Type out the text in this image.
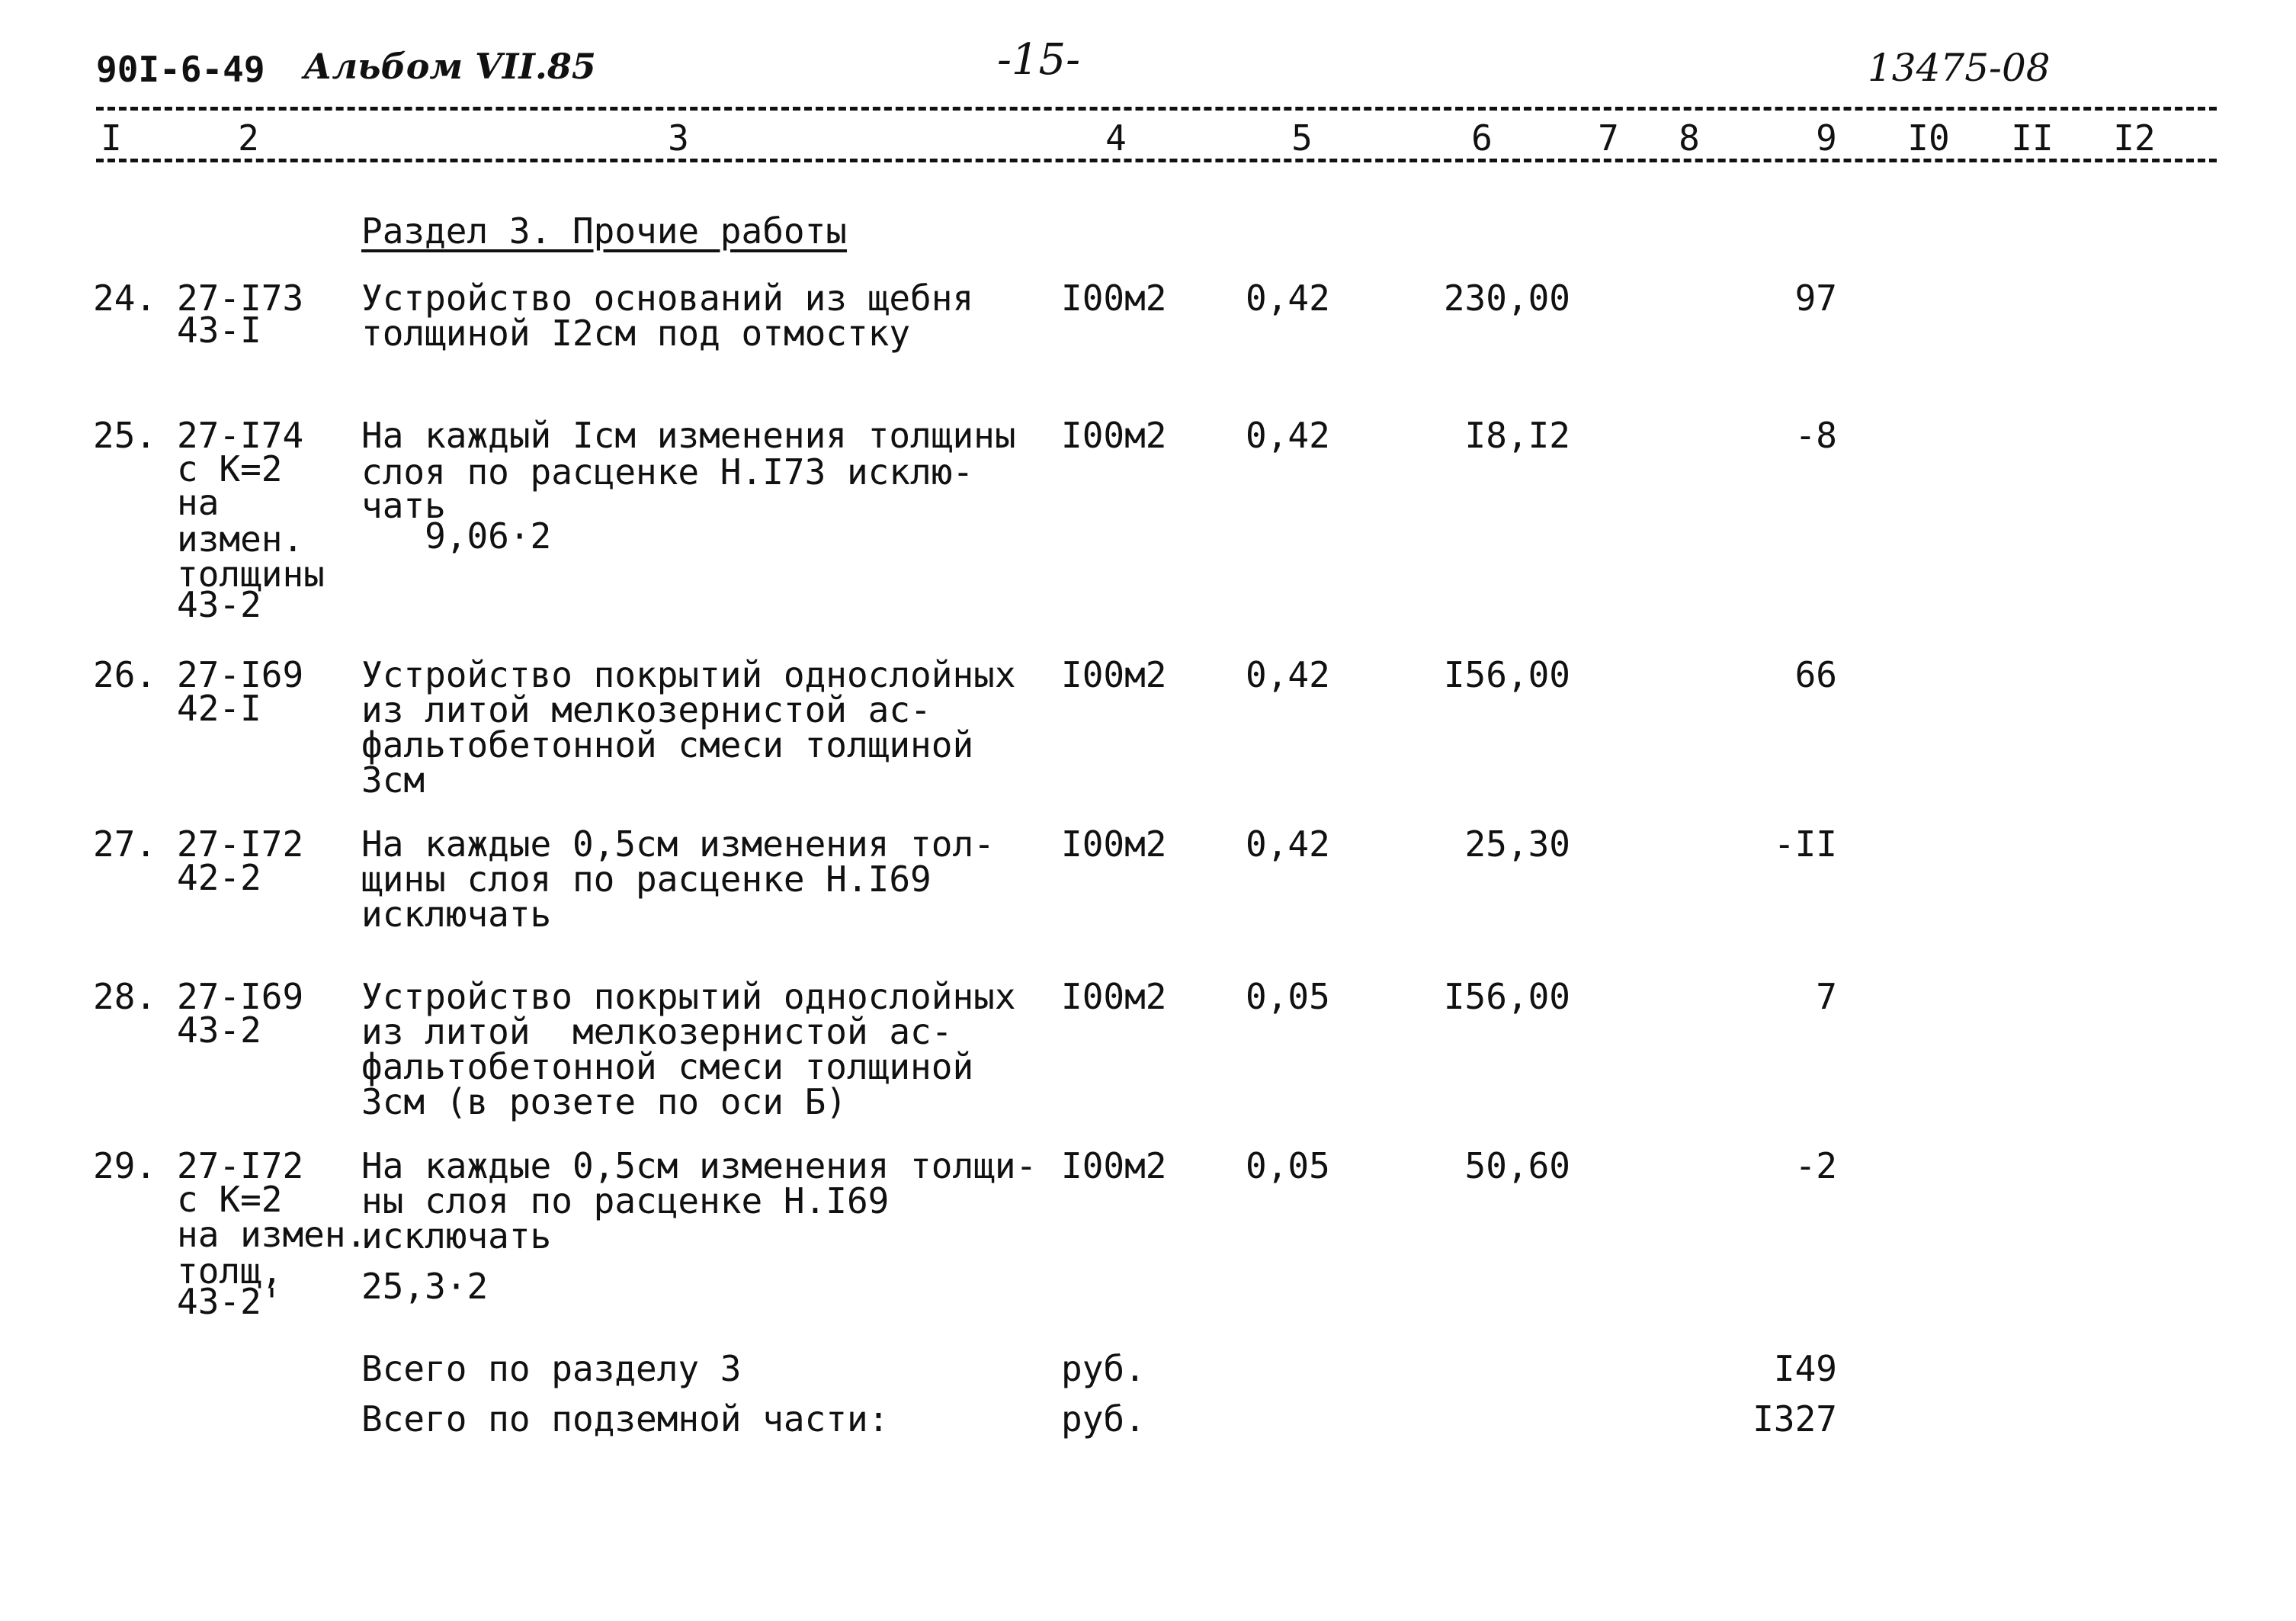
90I-6-49 Альбом VII.85	-15-	13475-08
I	2	3	4	5	6	7	8	9	I0 II I2
Раздел 3. Прочие работы
24. 27-I73
43-I
Устройство оснований из щебня
толщиной I2см под отмостку
I00м2 0,42	230,00	97
25. 27-I74
с К=2
на
измен.
толщины
43-2
На каждый Iсм изменения толщины
слоя по расценке Н.I73 исклю-
чать
9,06·2
I00м2 0,42	I8,I2	-8
26. 27-I69
42-I
Устройство покрытий однослойных
из литой мелкозернистой ас-
фальтобетонной смеси толщиной
3см
I00м2 0,42	I56,00	66
27. 27-I72
42-2
На каждые 0,5см изменения тол-
щины слоя по расценке Н.I69
исключать
I00м2 0,42	25,30	-II
28. 27-I69
43-2
Устройство покрытий однослойных
из литой  мелкозернистой ас-
фальтобетонной смеси толщиной
3см (в розете по оси Б)
I00м2 0,05	I56,00	7
29. 27-I72
с К=2
на измен.
толщ,
43-2'
На каждые 0,5см изменения толщи-
ны слоя по расценке Н.I69
исключать
25,3·2
I00м2 0,05	50,60	-2
Всего по разделу 3	руб.	I49
Всего по подземной части:	руб.	I327
